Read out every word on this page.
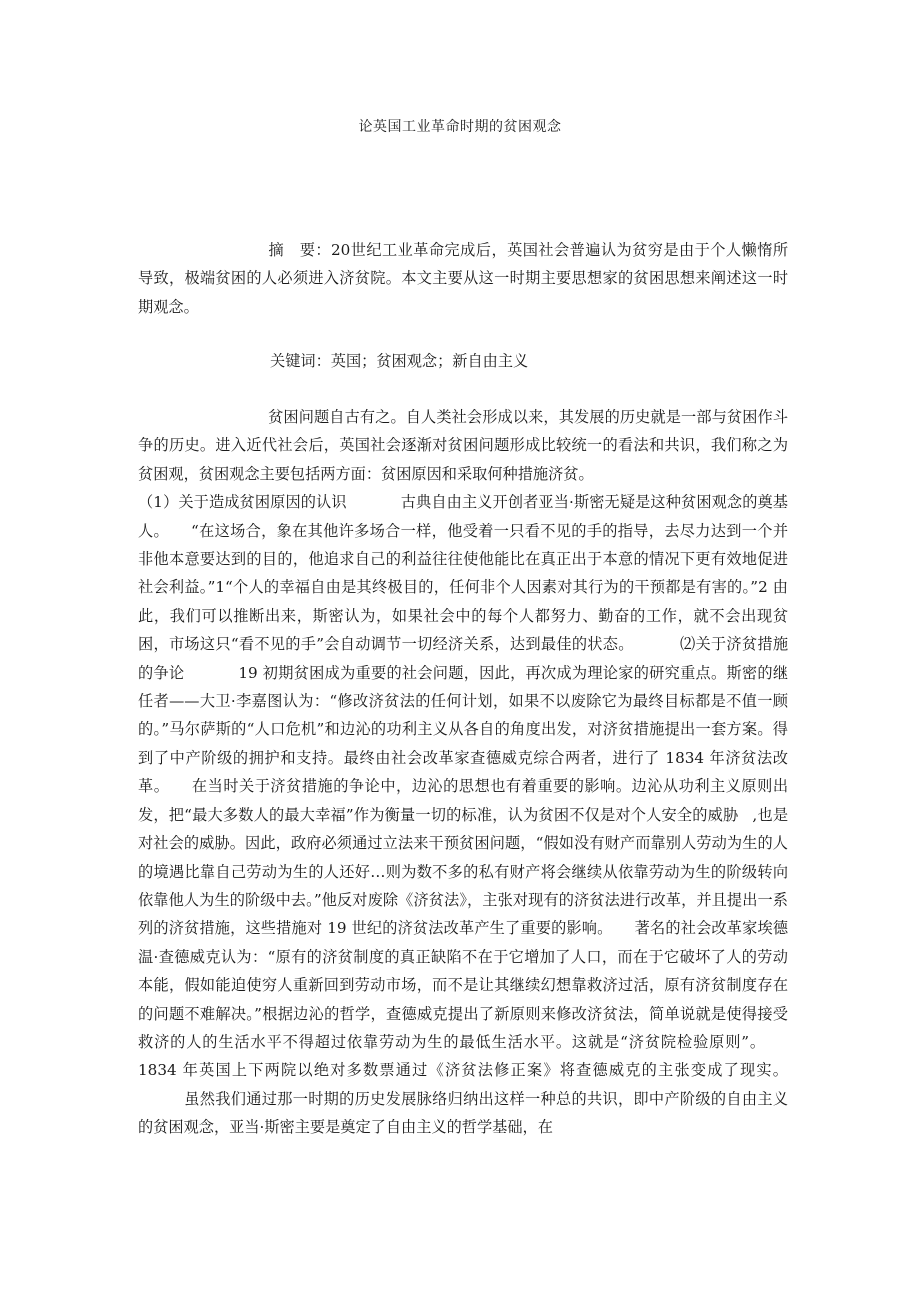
论英国工业革命时期的贫困观念
摘　要：20世纪工业革命完成后，英国社会普遍认为贫穷是由于个人懒惰所导致，极端贫困的人必须进入济贫院。本文主要从这一时期主要思想家的贫困思想来阐述这一时期观念。
关键词：英国；贫困观念；新自由主义
贫困问题自古有之。自人类社会形成以来，其发展的历史就是一部与贫困作斗争的历史。进入近代社会后，英国社会逐渐对贫困问题形成比较统一的看法和共识，我们称之为贫困观，贫困观念主要包括两方面：贫困原因和采取何种措施济贫。
（1）关于造成贫困原因的认识	古典自由主义开创者亚当·斯密无疑是这种贫困观念的奠基人。 “在这场合，象在其他许多场合一样，他受着一只看不见的手的指导，去尽力达到一个并非他本意要达到的目的，他追求自己的利益往往使他能比在真正出于本意的情况下更有效地促进社会利益。”1“个人的幸福自由是其终极目的，任何非个人因素对其行为的干预都是有害的。”2 由此，我们可以推断出来，斯密认为，如果社会中的每个人都努力、勤奋的工作，就不会出现贫困，市场这只“看不见的手”会自动调节一切经济关系，达到最佳的状态。	⑵关于济贫措施的争论	19 初期贫困成为重要的社会问题，因此，再次成为理论家的研究重点。斯密的继任者——大卫·李嘉图认为：“修改济贫法的任何计划，如果不以废除它为最终目标都是不值一顾的。”马尔萨斯的“人口危机”和边沁的功利主义从各自的角度出发，对济贫措施提出一套方案。得到了中产阶级的拥护和支持。最终由社会改革家查德威克综合两者，进行了 1834 年济贫法改革。 在当时关于济贫措施的争论中，边沁的思想也有着重要的影响。边沁从功利主义原则出发，把“最大多数人的最大幸福”作为衡量一切的标准，认为贫困不仅是对个人安全的威胁 ,也是对社会的威胁。因此，政府必须通过立法来干预贫困问题，“假如没有财产而靠别人劳动为生的人的境遇比靠自己劳动为生的人还好…则为数不多的私有财产将会继续从依靠劳动为生的阶级转向依靠他人为生的阶级中去。”他反对废除《济贫法》，主张对现有的济贫法进行改革，并且提出一系列的济贫措施，这些措施对 19 世纪的济贫法改革产生了重要的影响。 著名的社会改革家埃德温·查德威克认为：“原有的济贫制度的真正缺陷不在于它增加了人口，而在于它破坏了人的劳动本能，假如能迫使穷人重新回到劳动市场，而不是让其继续幻想靠救济过活，原有济贫制度存在的问题不难解决。”根据边沁的哲学，查德威克提出了新原则来修改济贫法，简单说就是使得接受救济的人的生活水平不得超过依靠劳动为生的最低生活水平。这就是“济贫院检验原则”。1834 年英国上下两院以绝对多数票通过《济贫法修正案》将查德威克的主张变成了现实。虽然我们通过那一时期的历史发展脉络归纳出这样一种总的共识，即中产阶级的自由主义的贫困观念，亚当·斯密主要是奠定了自由主义的哲学基础，在
